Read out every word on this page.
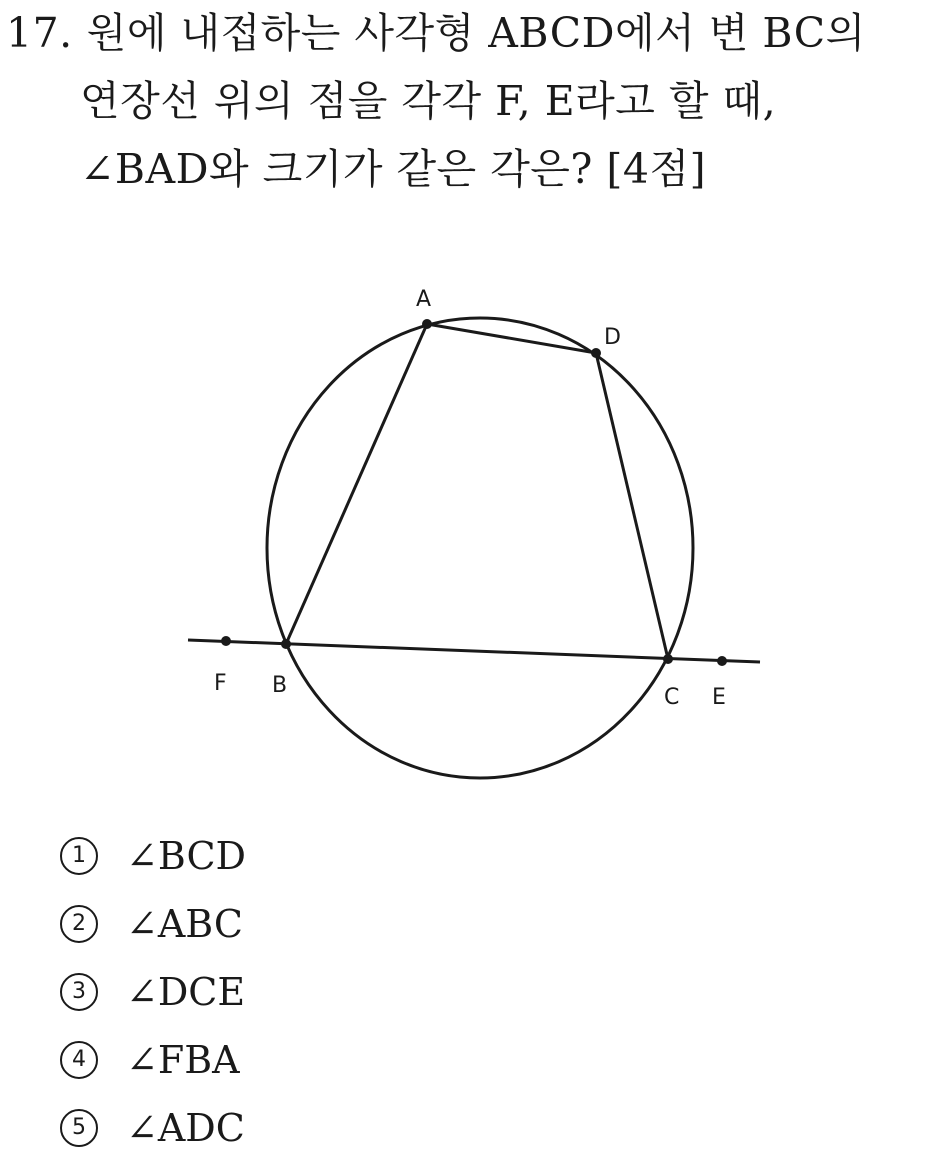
17. 원에 내접하는 사각형 ABCD에서 변 BC의
연장선 위의 점을 각각 F, E라고 할 때,
∠BAD와 크기가 같은 각은? [4점]
A
D
F B	C E
1	∠BCD
2	∠ABC
3	∠DCE
4	∠FBA
5	∠ADC
